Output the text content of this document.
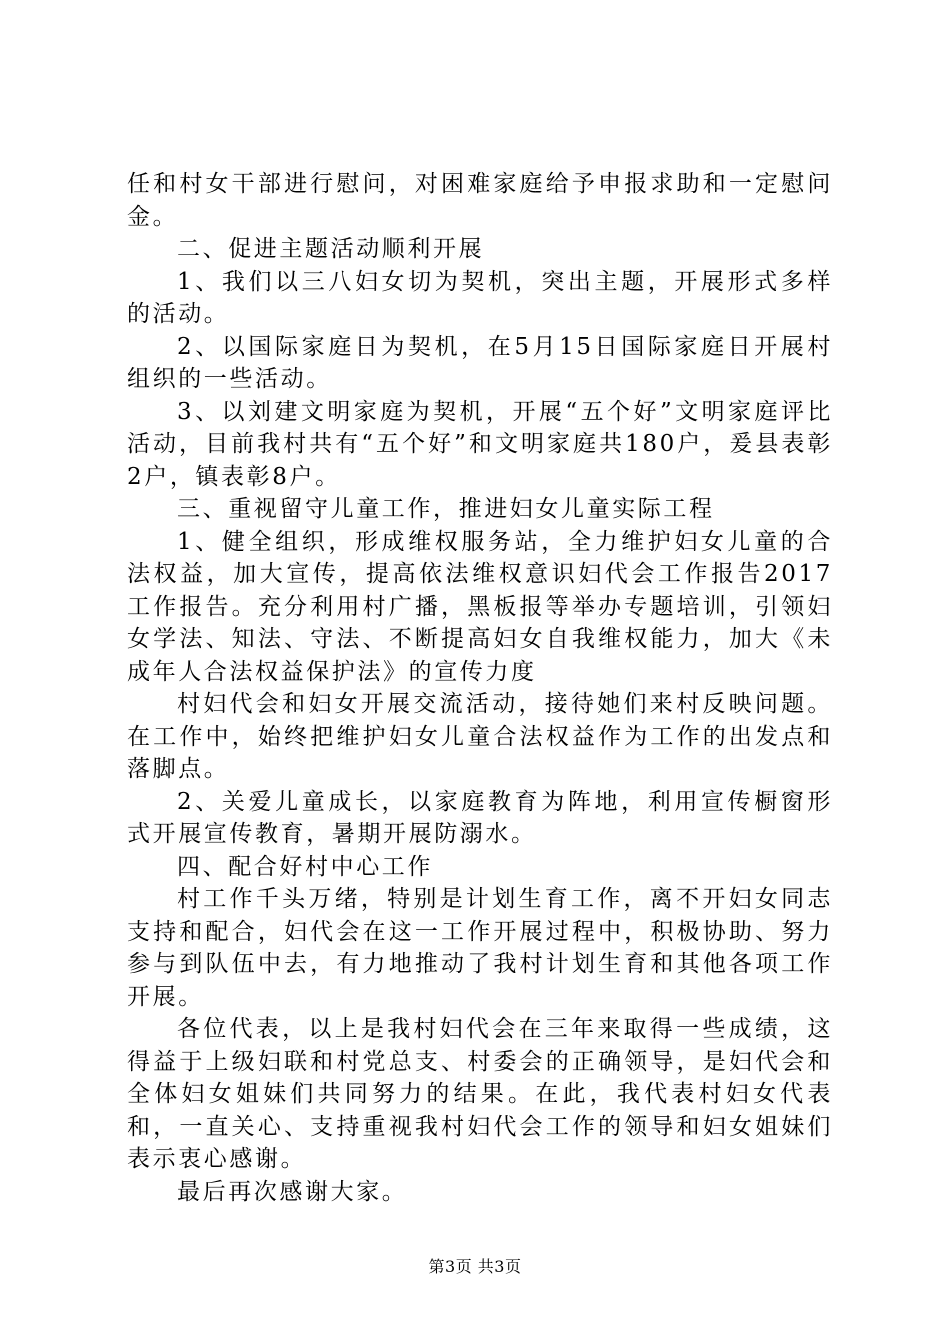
任和村女干部进行慰问，对困难家庭给予申报求助和一定慰问金。

二、促进主题活动顺利开展

1、我们以三八妇女切为契机，突出主题，开展形式多样的活动。

2、以国际家庭日为契机，在5月15日国际家庭日开展村组织的一些活动。

3、以刘建文明家庭为契机，开展“五个好”文明家庭评比活动，目前我村共有“五个好”和文明家庭共180户，爰县表彰2户，镇表彰8户。

三、重视留守儿童工作，推进妇女儿童实际工程

1、健全组织，形成维权服务站，全力维护妇女儿童的合法权益，加大宣传，提高依法维权意识妇代会工作报告2017工作报告。充分利用村广播，黑板报等举办专题培训，引领妇女学法、知法、守法、不断提高妇女自我维权能力，加大《未成年人合法权益保护法》的宣传力度

村妇代会和妇女开展交流活动，接待她们来村反映问题。在工作中，始终把维护妇女儿童合法权益作为工作的出发点和落脚点。

2、关爱儿童成长，以家庭教育为阵地，利用宣传橱窗形式开展宣传教育，暑期开展防溺水。

四、配合好村中心工作

村工作千头万绪，特别是计划生育工作，离不开妇女同志支持和配合，妇代会在这一工作开展过程中，积极协助、努力参与到队伍中去，有力地推动了我村计划生育和其他各项工作开展。

各位代表，以上是我村妇代会在三年来取得一些成绩，这得益于上级妇联和村党总支、村委会的正确领导，是妇代会和全体妇女姐妹们共同努力的结果。在此，我代表村妇女代表和，一直关心、支持重视我村妇代会工作的领导和妇女姐妹们表示衷心感谢。

最后再次感谢大家。

第3页 共3页
